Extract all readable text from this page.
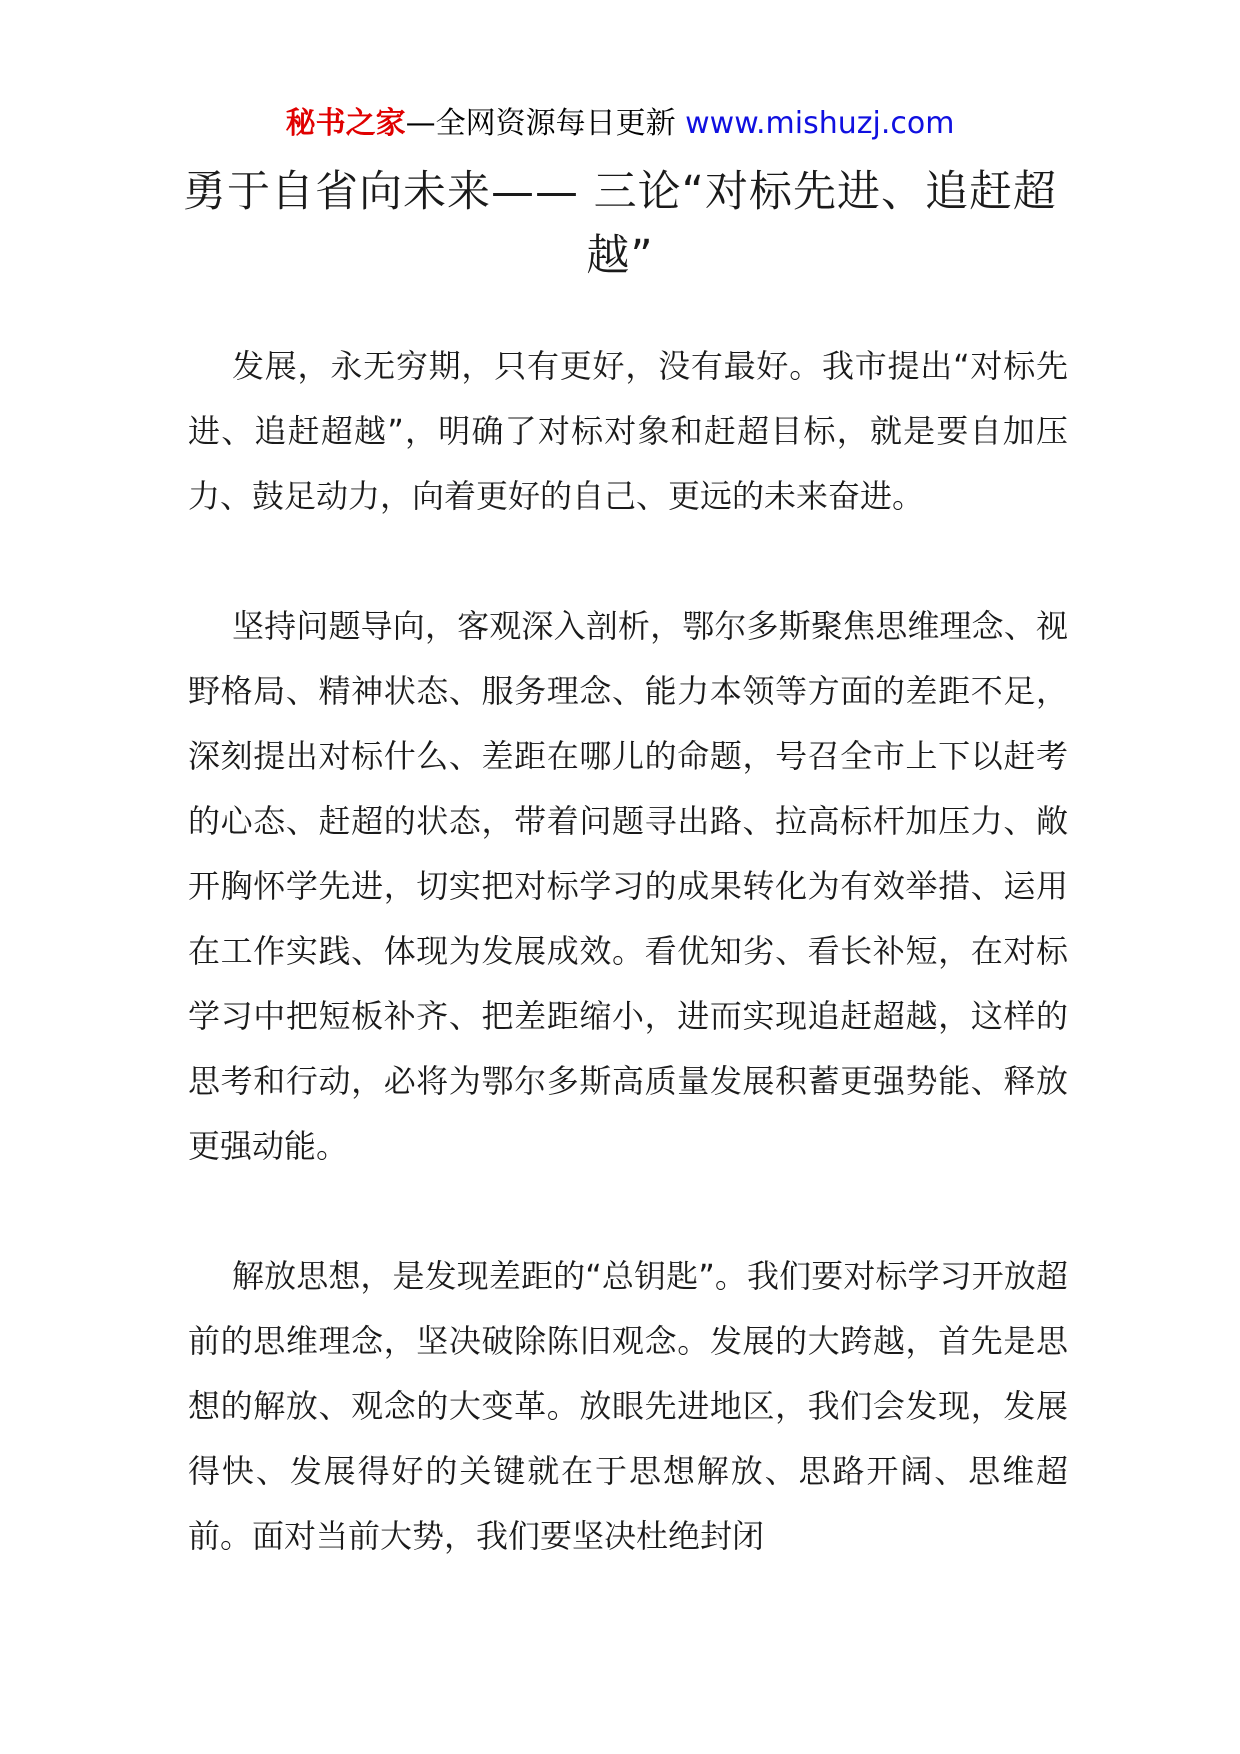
秘书之家—全网资源每日更新 www.mishuzj.com
勇于自省向未来—— 三论“对标先进、追赶超越”

发展，永无穷期，只有更好，没有最好。我市提出“对标先进、追赶超越”，明确了对标对象和赶超目标，就是要自加压力、鼓足动力，向着更好的自己、更远的未来奋进。

坚持问题导向，客观深入剖析，鄂尔多斯聚焦思维理念、视野格局、精神状态、服务理念、能力本领等方面的差距不足，深刻提出对标什么、差距在哪儿的命题，号召全市上下以赶考的心态、赶超的状态，带着问题寻出路、拉高标杆加压力、敞开胸怀学先进，切实把对标学习的成果转化为有效举措、运用在工作实践、体现为发展成效。看优知劣、看长补短，在对标学习中把短板补齐、把差距缩小，进而实现追赶超越，这样的思考和行动，必将为鄂尔多斯高质量发展积蓄更强势能、释放更强动能。

解放思想，是发现差距的“总钥匙”。我们要对标学习开放超前的思维理念，坚决破除陈旧观念。发展的大跨越，首先是思想的解放、观念的大变革。放眼先进地区，我们会发现，发展得快、发展得好的关键就在于思想解放、思路开阔、思维超前。面对当前大势，我们要坚决杜绝封闭
